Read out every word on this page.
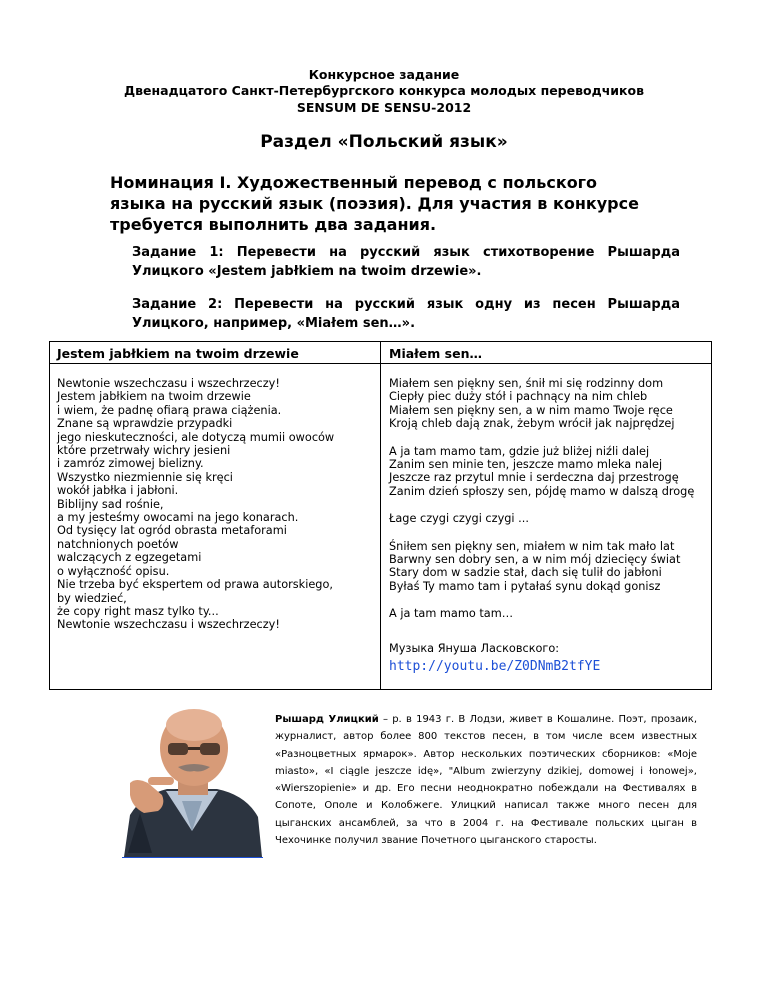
Конкурсное задание
Двенадцатого Санкт-Петербургского конкурса молодых переводчиков
SENSUM DE SENSU-2012
Раздел «Польский язык»
Номинация I. Художественный перевод с польского языка на русский язык (поэзия). Для участия в конкурсе требуется выполнить два задания.
Задание 1: Перевести на русский язык стихотворение Рышарда Улицкого «Jestem jabłkiem na twoim drzewie».
Задание 2: Перевести на русский язык одну из песен Рышарда Улицкого, например, «Miałem sen…».
Jestem jabłkiem na twoim drzewie	Miałem sen…
Newtonie wszechczasu i wszechrzeczy!
Jestem jabłkiem na twoim drzewie
i wiem, że padnę ofiarą prawa ciążenia.
Znane są wprawdzie przypadki
jego nieskuteczności, ale dotyczą mumii owoców
które przetrwały wichry jesieni
i zamróz zimowej bielizny.
Wszystko niezmiennie się kręci
wokół jabłka i jabłoni.
Biblijny sad rośnie,
a my jesteśmy owocami na jego konarach.
Od tysięcy lat ogród obrasta metaforami
natchnionych poetów
walczących z egzegetami
o wyłączność opisu.
Nie trzeba być ekspertem od prawa autorskiego,
by wiedzieć,
że copy right masz tylko ty...
Newtonie wszechczasu i wszechrzeczy!
Miałem sen piękny sen, śnił mi się rodzinny dom
Ciepły piec duży stół i pachnący na nim chleb
Miałem sen piękny sen, a w nim mamo Twoje ręce
Kroją chleb dają znak, żebym wrócił jak najprędzej
A ja tam mamo tam, gdzie już bliżej niźli dalej
Zanim sen minie ten, jeszcze mamo mleka nalej
Jeszcze raz przytul mnie i serdeczna daj przestrogę
Zanim dzień spłoszy sen, pójdę mamo w dalszą drogę
Łage czygi czygi czygi ...
Śniłem sen piękny sen, miałem w nim tak mało lat
Barwny sen dobry sen, a w nim mój dziecięcy świat
Stary dom w sadzie stał, dach się tulił do jabłoni
Byłaś Ty mamo tam i pytałaś synu dokąd gonisz
A ja tam mamo tam…
Музыка Януша Ласковского:
http://youtu.be/Z0DNmB2tfYE
Рышард Улицкий – р. в 1943 г. В Лодзи, живет в Кошалине. Поэт, прозаик, журналист, автор более 800 текстов песен, в том числе всем известных «Разноцветных ярмарок». Автор нескольких поэтических сборников: «Moje miasto», «I ciągle jeszcze idę», "Album zwierzyny dzikiej, domowej i łonowej», «Wierszopienie» и др. Его песни неоднократно побеждали на Фестивалях в Сопоте, Ополе и Колобжеге. Улицкий написал также много песен для цыганских ансамблей, за что в 2004 г. на Фестивале польских цыган в Чехочинке получил звание Почетного цыганского старосты.
